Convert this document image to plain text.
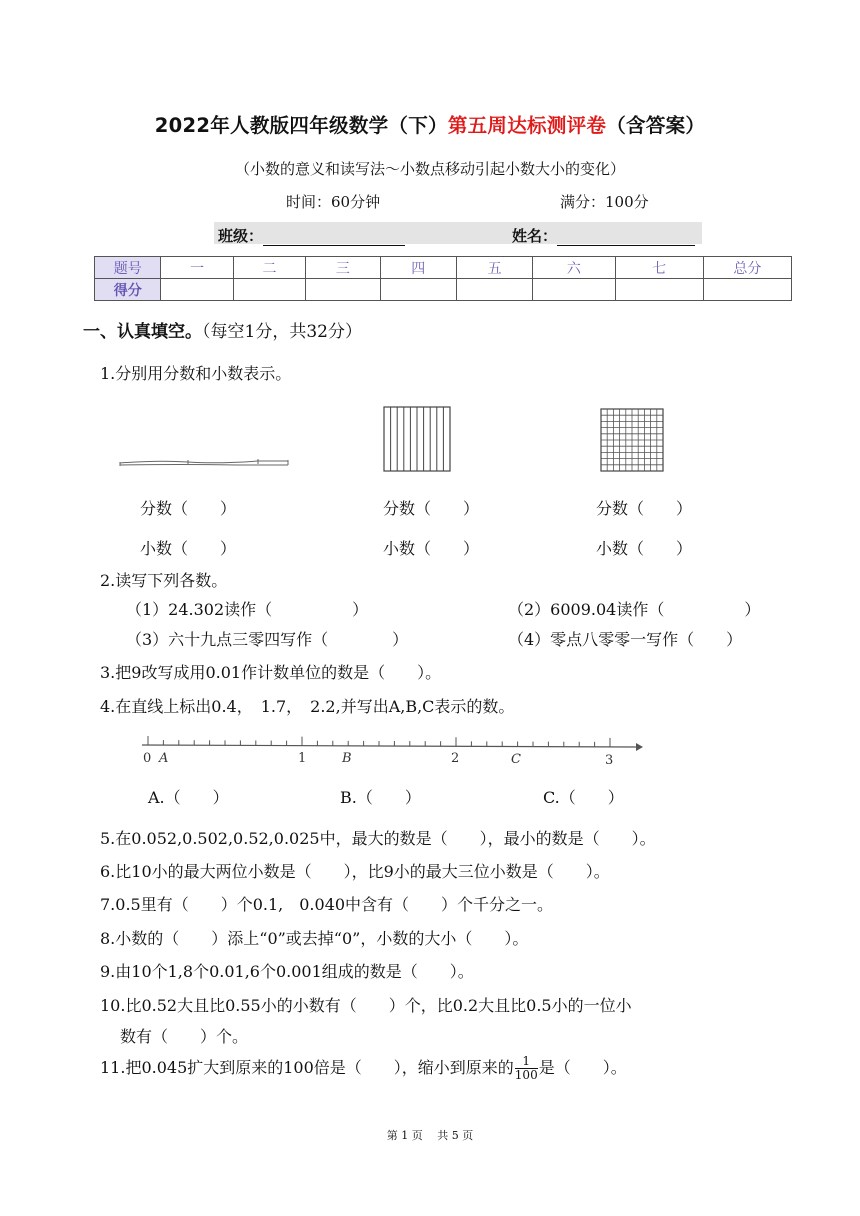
2022年人教版四年级数学（下）第五周达标测评卷（含答案）
（小数的意义和读写法～小数点移动引起小数大小的变化）
时间：60分钟	满分：100分
班级：	姓名：
题号	一	二	三	四	五	六	七	总分
得分								
一、认真填空。（每空1分，共32分）
1.分别用分数和小数表示。
分数（　　）	分数（　　）	分数（　　）
小数（　　）	小数（　　）	小数（　　）
2.读写下列各数。
（1）24.302读作（　　　　　）	（2）6009.04读作（　　　　　）
（3）六十九点三零四写作（　　　　）	（4）零点八零零一写作（　　）
3.把9改写成用0.01作计数单位的数是（　　）。
4.在直线上标出0.4，　1.7，　2.2,并写出A,B,C表示的数。
0	1	2	3
A	B	C
A.（　　）	B.（　　）	C.（　　）
5.在0.052,0.502,0.52,0.025中，最大的数是（　　），最小的数是（　　）。
6.比10小的最大两位小数是（　　），比9小的最大三位小数是（　　）。
7.0.5里有（　　）个0.1,　0.040中含有（　　）个千分之一。
8.小数的（　　）添上“0”或去掉“0”，小数的大小（　　）。
9.由10个1,8个0.01,6个0.001组成的数是（　　）。
10.比0.52大且比0.55小的小数有（　　）个，比0.2大且比0.5小的一位小
数有（　　）个。
11.把0.045扩大到原来的100倍是（　　），缩小到原来的 $\frac{1}{100}$ 是（　　）。
第 1 页　 共 5 页
